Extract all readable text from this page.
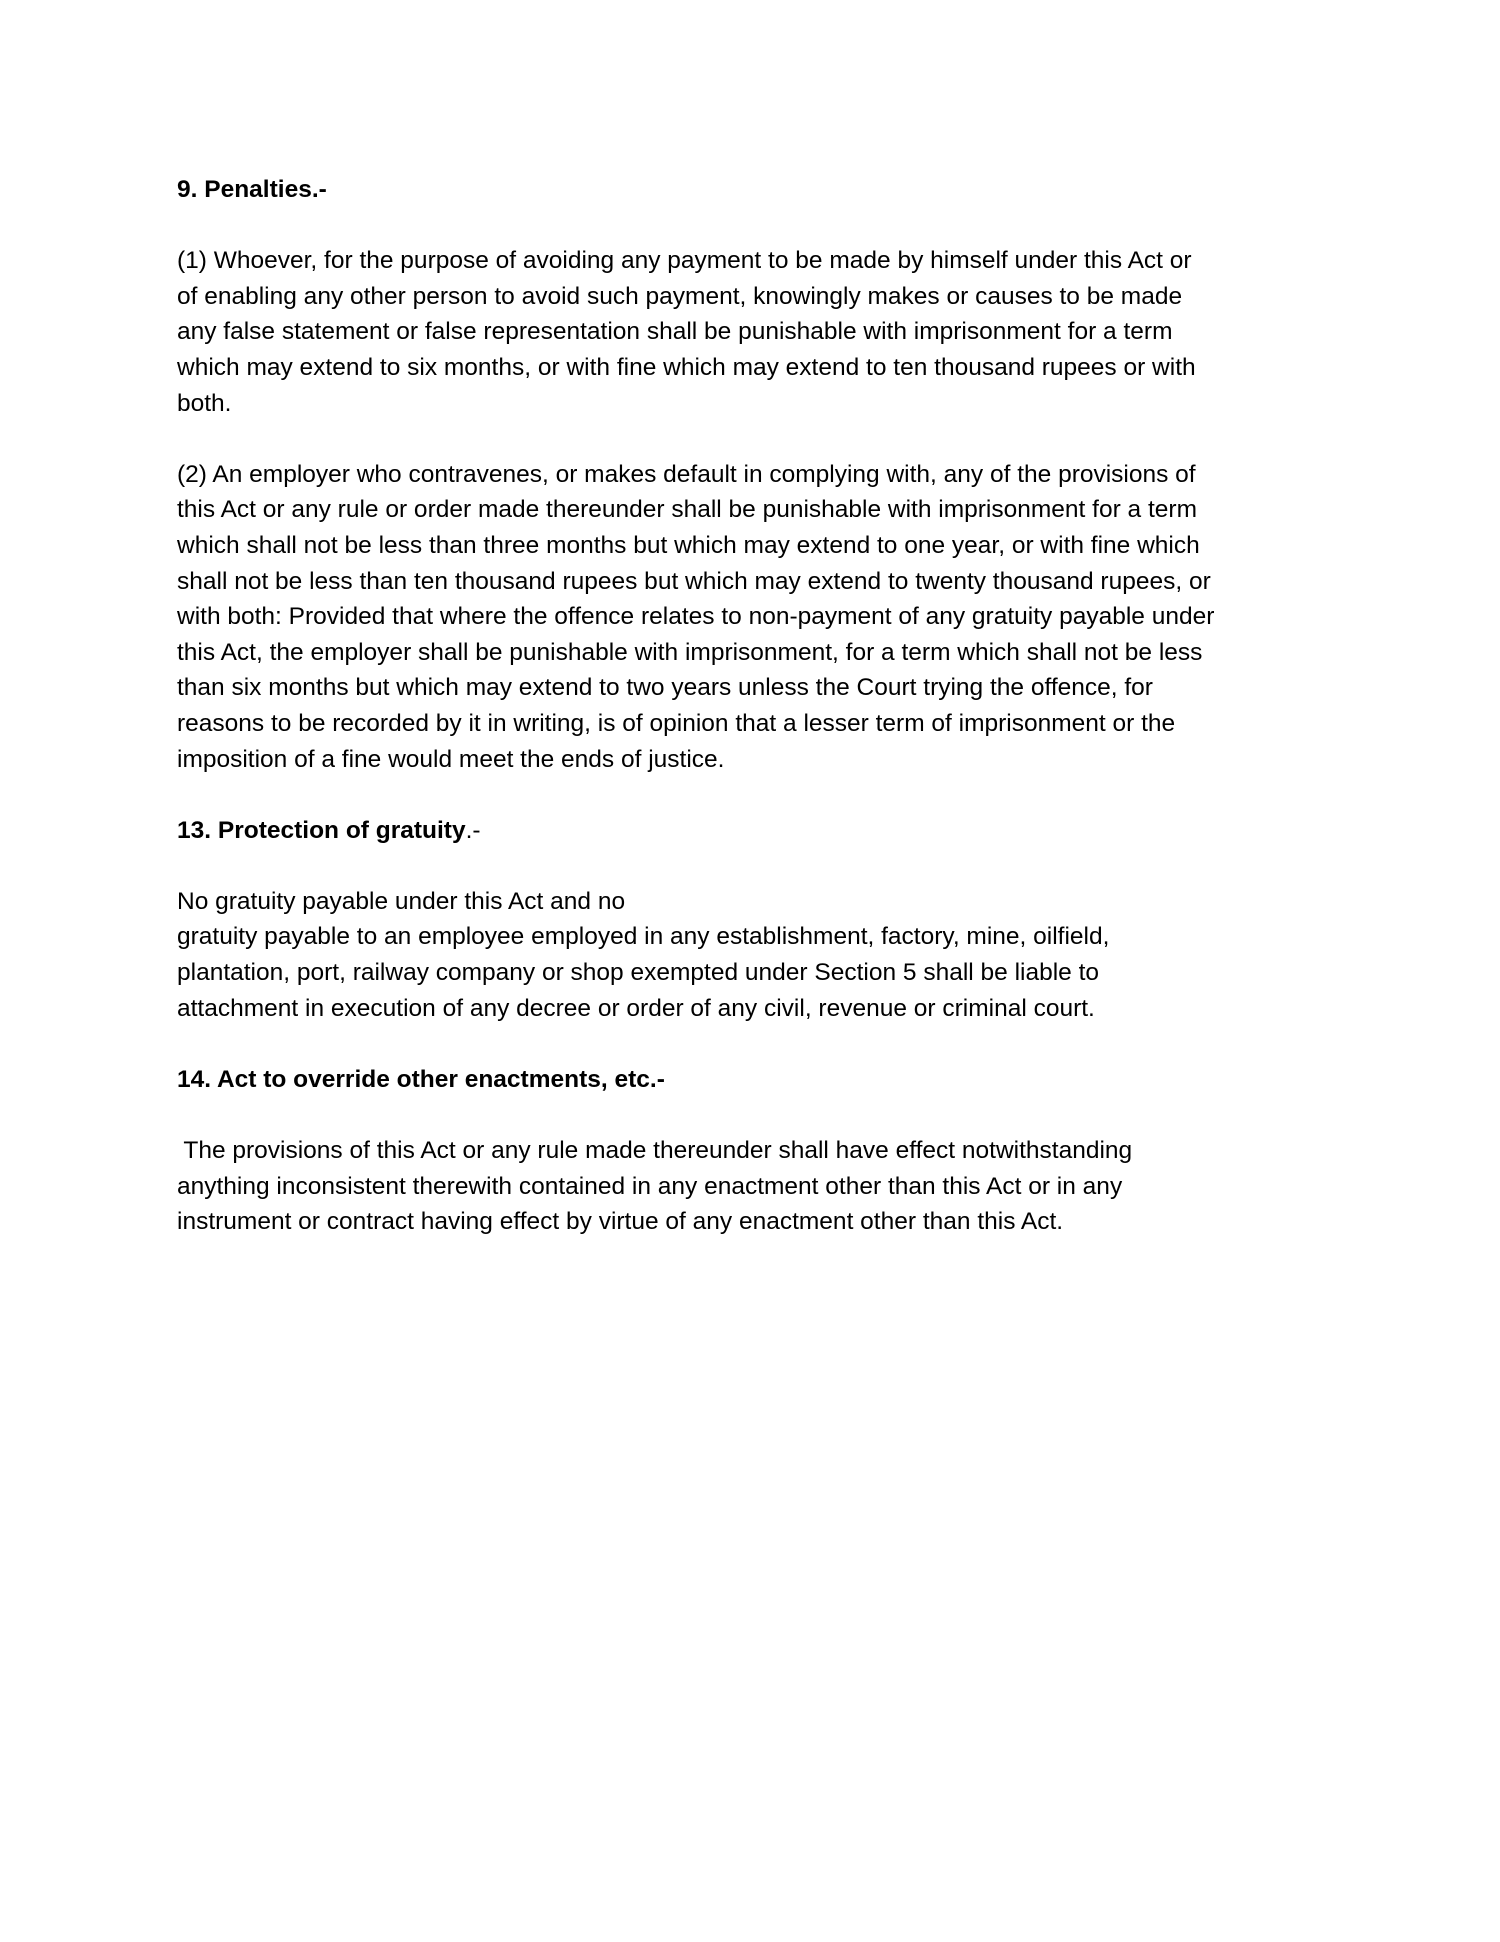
9. Penalties.-
(1) Whoever, for the purpose of avoiding any payment to be made by himself under this Act or
of enabling any other person to avoid such payment, knowingly makes or causes to be made
any false statement or false representation shall be punishable with imprisonment for a term
which may extend to six months, or with fine which may extend to ten thousand rupees or with
both.
(2) An employer who contravenes, or makes default in complying with, any of the provisions of
this Act or any rule or order made thereunder shall be punishable with imprisonment for a term
which shall not be less than three months but which may extend to one year, or with fine which
shall not be less than ten thousand rupees but which may extend to twenty thousand rupees, or
with both: Provided that where the offence relates to non-payment of any gratuity payable under
this Act, the employer shall be punishable with imprisonment, for a term which shall not be less
than six months but which may extend to two years unless the Court trying the offence, for
reasons to be recorded by it in writing, is of opinion that a lesser term of imprisonment or the
imposition of a fine would meet the ends of justice.
13. Protection of gratuity.-
No gratuity payable under this Act and no
gratuity payable to an employee employed in any establishment, factory, mine, oilfield,
plantation, port, railway company or shop exempted under Section 5 shall be liable to
attachment in execution of any decree or order of any civil, revenue or criminal court.
14. Act to override other enactments, etc.-
The provisions of this Act or any rule made thereunder shall have effect notwithstanding
anything inconsistent therewith contained in any enactment other than this Act or in any
instrument or contract having effect by virtue of any enactment other than this Act.
